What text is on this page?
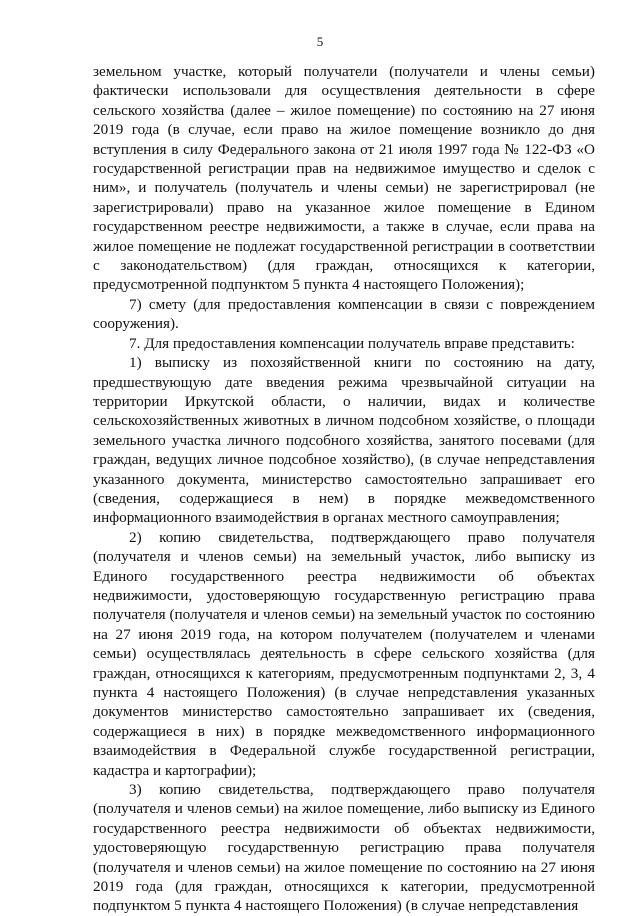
5

земельном участке, который получатели (получатели и члены семьи) фактически использовали для осуществления деятельности в сфере сельского хозяйства (далее – жилое помещение) по состоянию на 27 июня 2019 года (в случае, если право на жилое помещение возникло до дня вступления в силу Федерального закона от 21 июля 1997 года № 122-ФЗ «О государственной регистрации прав на недвижимое имущество и сделок с ним», и получатель (получатель и члены семьи) не зарегистрировал (не зарегистрировали) право на указанное жилое помещение в Едином государственном реестре недвижимости, а также в случае, если права на жилое помещение не подлежат государственной регистрации в соответствии с законодательством) (для граждан, относящихся к категории, предусмотренной подпунктом 5 пункта 4 настоящего Положения);

7) смету (для предоставления компенсации в связи с повреждением сооружения).

7. Для предоставления компенсации получатель вправе представить:

1) выписку из похозяйственной книги по состоянию на дату, предшествующую дате введения режима чрезвычайной ситуации на территории Иркутской области, о наличии, видах и количестве сельскохозяйственных животных в личном подсобном хозяйстве, о площади земельного участка личного подсобного хозяйства, занятого посевами (для граждан, ведущих личное подсобное хозяйство), (в случае непредставления указанного документа, министерство самостоятельно запрашивает его (сведения, содержащиеся в нем) в порядке межведомственного информационного взаимодействия в органах местного самоуправления;

2) копию свидетельства, подтверждающего право получателя (получателя и членов семьи) на земельный участок, либо выписку из Единого государственного реестра недвижимости об объектах недвижимости, удостоверяющую государственную регистрацию права получателя (получателя и членов семьи) на земельный участок по состоянию на 27 июня 2019 года, на котором получателем (получателем и членами семьи) осуществлялась деятельность в сфере сельского хозяйства (для граждан, относящихся к категориям, предусмотренным подпунктами 2, 3, 4 пункта 4 настоящего Положения) (в случае непредставления указанных документов министерство самостоятельно запрашивает их (сведения, содержащиеся в них) в порядке межведомственного информационного взаимодействия в Федеральной службе государственной регистрации, кадастра и картографии);

3) копию свидетельства, подтверждающего право получателя (получателя и членов семьи) на жилое помещение, либо выписку из Единого государственного реестра недвижимости об объектах недвижимости, удостоверяющую государственную регистрацию права получателя (получателя и членов семьи) на жилое помещение по состоянию на 27 июня 2019 года (для граждан, относящихся к категории, предусмотренной подпунктом 5 пункта 4 настоящего Положения) (в случае непредставления
